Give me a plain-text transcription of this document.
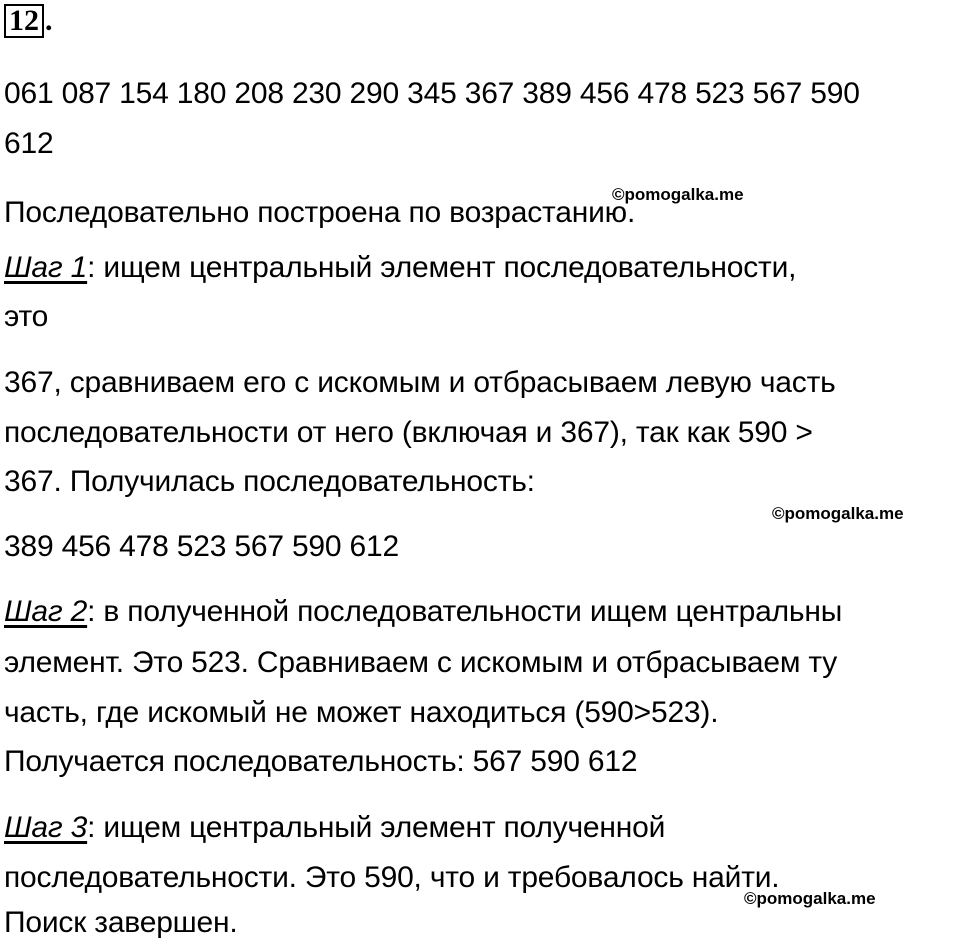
12 .
061 087 154 180 208 230 290 345 367 389 456 478 523 567 590
612
Последовательно построена по возрастанию.
Шаг 1: ищем центральный элемент последовательности,
это
367, сравниваем его с искомым и отбрасываем левую часть
последовательности от него (включая и 367), так как 590 >
367. Получилась последовательность:
389 456 478 523 567 590 612
Шаг 2: в полученной последовательности ищем центральны
элемент. Это 523. Сравниваем с искомым и отбрасываем ту
часть, где искомый не может находиться (590>523).
Получается последовательность: 567 590 612
Шаг 3: ищем центральный элемент полученной
последовательности. Это 590, что и требовалось найти.
Поиск завершен.
©pomogalka.me
©pomogalka.me
©pomogalka.me
